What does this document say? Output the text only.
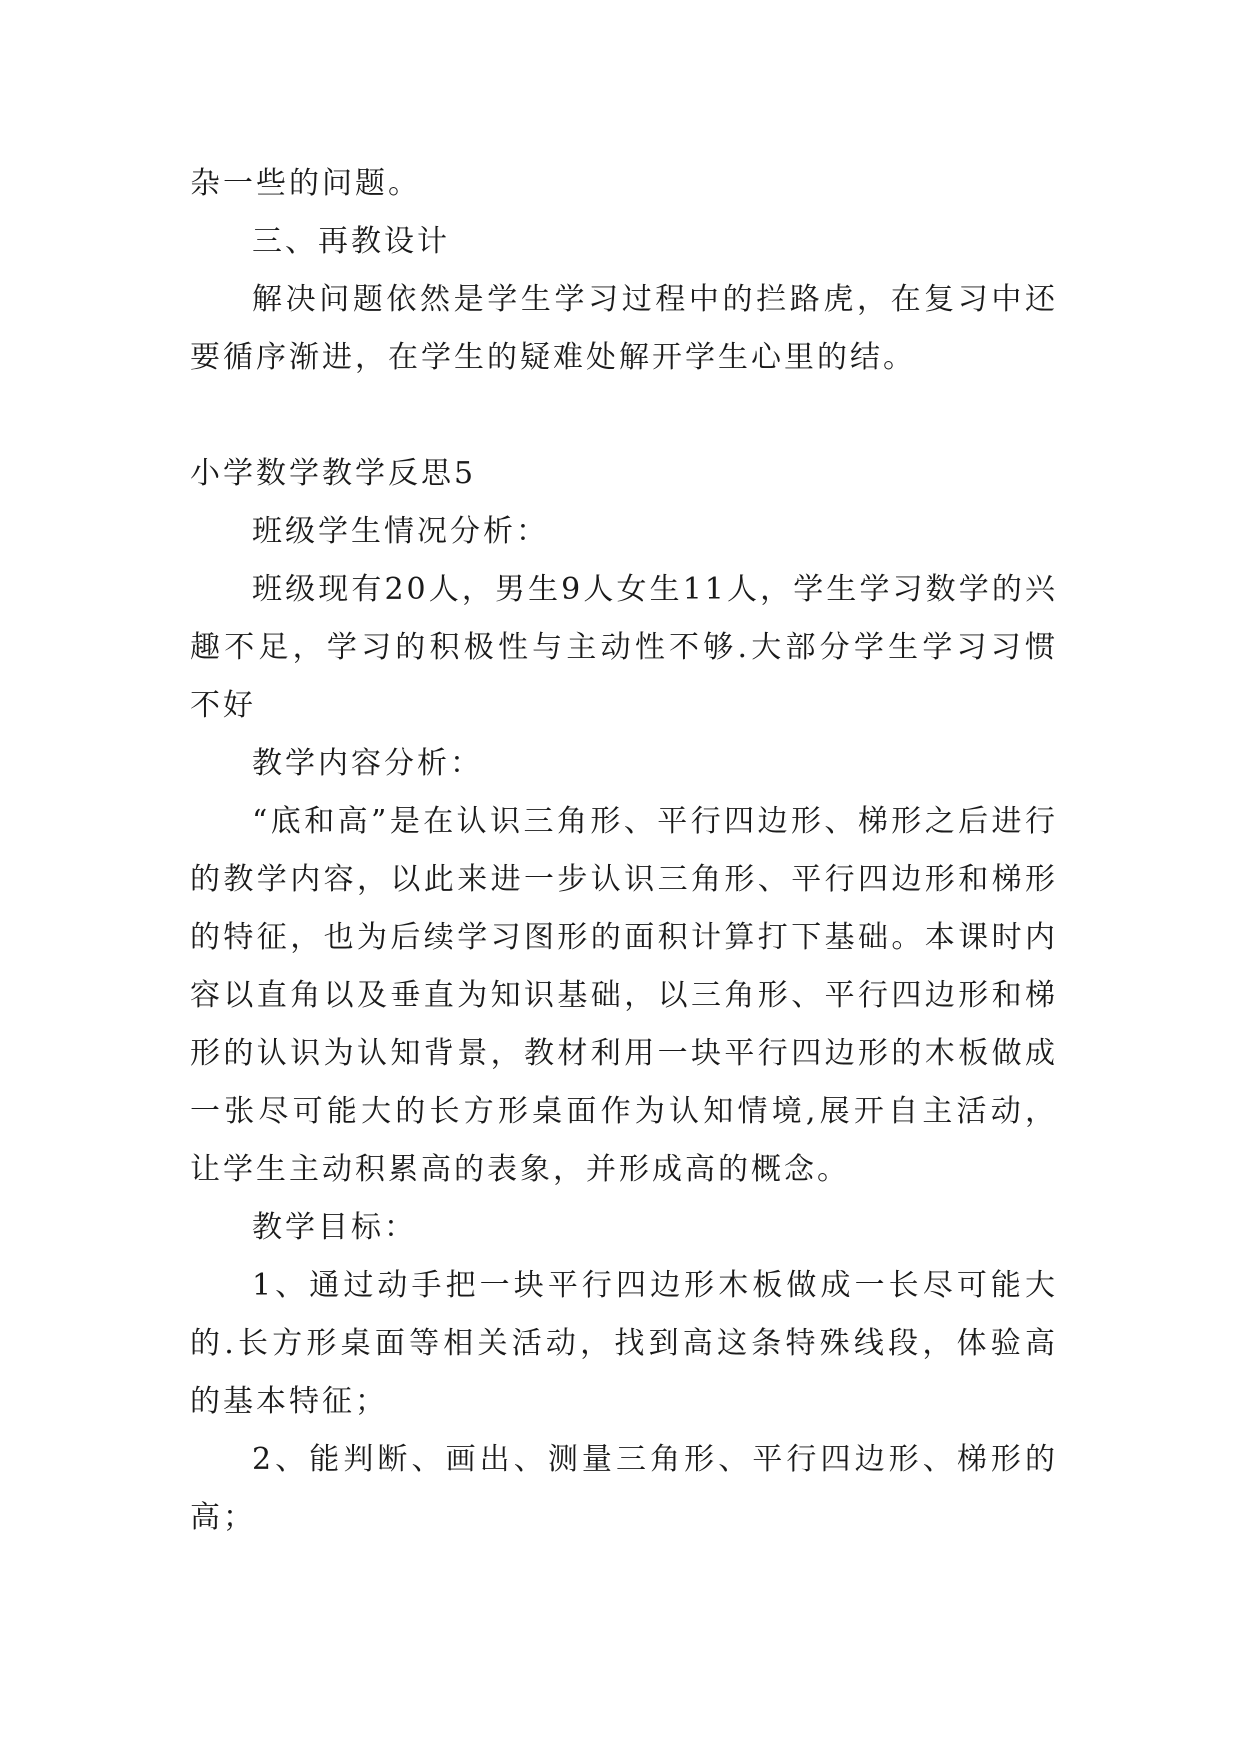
杂一些的问题。

三、再教设计

解决问题依然是学生学习过程中的拦路虎，在复习中还要循序渐进，在学生的疑难处解开学生心里的结。

小学数学教学反思5

班级学生情况分析：

班级现有20人，男生9人女生11人，学生学习数学的兴趣不足，学习的积极性与主动性不够.大部分学生学习习惯不好

教学内容分析：

“底和高”是在认识三角形、平行四边形、梯形之后进行的教学内容，以此来进一步认识三角形、平行四边形和梯形的特征，也为后续学习图形的面积计算打下基础。本课时内容以直角以及垂直为知识基础，以三角形、平行四边形和梯形的认识为认知背景，教材利用一块平行四边形的木板做成一张尽可能大的长方形桌面作为认知情境,展开自主活动，让学生主动积累高的表象，并形成高的概念。

教学目标：

1、通过动手把一块平行四边形木板做成一长尽可能大的.长方形桌面等相关活动，找到高这条特殊线段，体验高的基本特征；

2、能判断、画出、测量三角形、平行四边形、梯形的高；
